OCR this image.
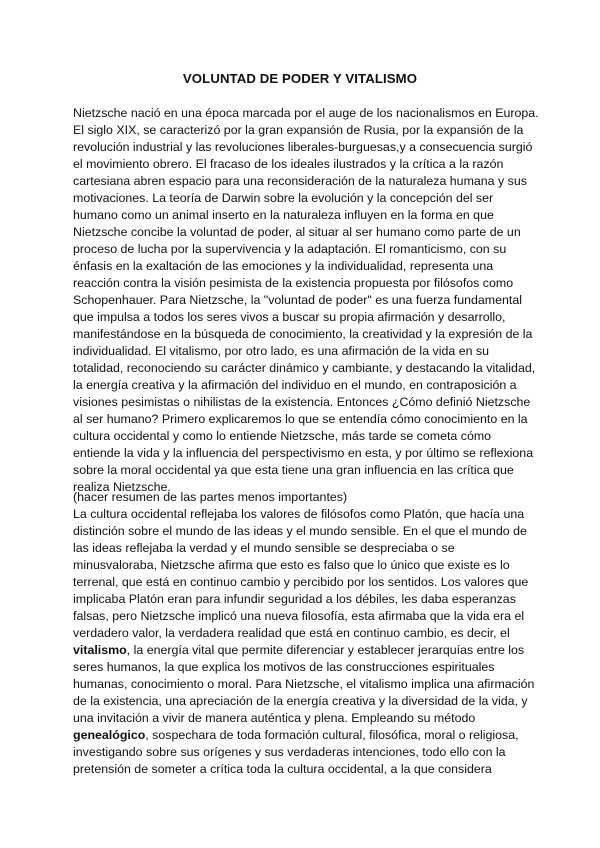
VOLUNTAD DE PODER Y VITALISMO
Nietzsche nació en una época marcada por el auge de los nacionalismos en Europa.
El siglo XIX, se caracterizó por la gran expansión de Rusia, por la expansión de la
revolución industrial y las revoluciones liberales-burguesas,y a consecuencia surgió
el movimiento obrero. El fracaso de los ideales ilustrados y la crítica a la razón
cartesiana abren espacio para una reconsideración de la naturaleza humana y sus
motivaciones. La teoría de Darwin sobre la evolución y la concepción del ser
humano como un animal inserto en la naturaleza influyen en la forma en que
Nietzsche concibe la voluntad de poder, al situar al ser humano como parte de un
proceso de lucha por la supervivencia y la adaptación. El romanticismo, con su
énfasis en la exaltación de las emociones y la individualidad, representa una
reacción contra la visión pesimista de la existencia propuesta por filósofos como
Schopenhauer. Para Nietzsche, la "voluntad de poder" es una fuerza fundamental
que impulsa a todos los seres vivos a buscar su propia afirmación y desarrollo,
manifestándose en la búsqueda de conocimiento, la creatividad y la expresión de la
individualidad. El vitalismo, por otro lado, es una afirmación de la vida en su
totalidad, reconociendo su carácter dinámico y cambiante, y destacando la vitalidad,
la energía creativa y la afirmación del individuo en el mundo, en contraposición a
visiones pesimistas o nihilistas de la existencia. Entonces ¿Cómo definió Nietzsche
al ser humano? Primero explicaremos lo que se entendía cómo conocimiento en la
cultura occidental y como lo entiende Nietzsche, más tarde se cometa cómo
entiende la vida y la influencia del perspectivismo en esta, y por último se reflexiona
sobre la moral occidental ya que esta tiene una gran influencia en las crítica que
realiza Nietzsche.
(hacer resumen de las partes menos importantes)
La cultura occidental reflejaba los valores de filósofos como Platón, que hacía una
distinción sobre el mundo de las ideas y el mundo sensible. En el que el mundo de
las ideas reflejaba la verdad y el mundo sensible se despreciaba o se
minusvaloraba, Nietzsche afirma que esto es falso que lo único que existe es lo
terrenal, que está en continuo cambio y percibido por los sentidos. Los valores que
implicaba Platón eran para infundir seguridad a los débiles, les daba esperanzas
falsas, pero Nietzsche implicó una nueva filosofía, esta afirmaba que la vida era el
verdadero valor, la verdadera realidad que está en continuo cambio, es decir, el
vitalismo, la energía vital que permite diferenciar y establecer jerarquías entre los
seres humanos, la que explica los motivos de las construcciones espirituales
humanas, conocimiento o moral. Para Nietzsche, el vitalismo implica una afirmación
de la existencia, una apreciación de la energía creativa y la diversidad de la vida, y
una invitación a vivir de manera auténtica y plena. Empleando su método
genealógico, sospechara de toda formación cultural, filosófica, moral o religiosa,
investigando sobre sus orígenes y sus verdaderas intenciones, todo ello con la
pretensión de someter a crítica toda la cultura occidental, a la que considera
